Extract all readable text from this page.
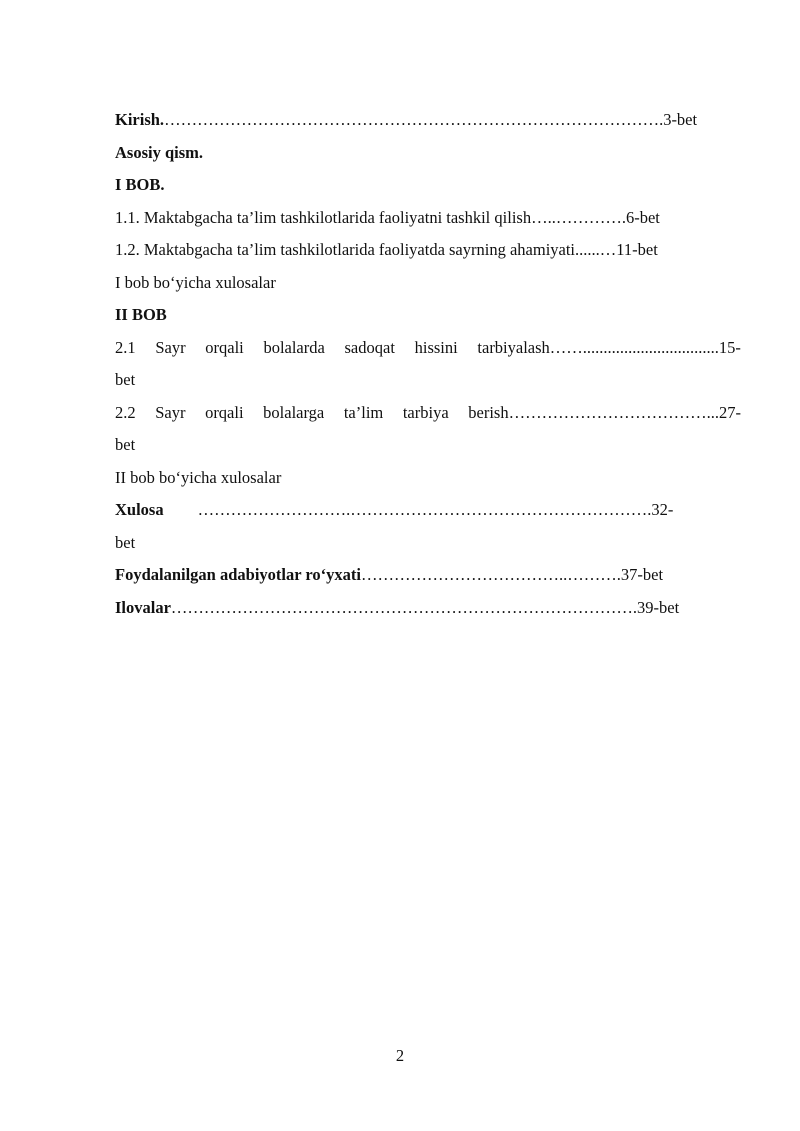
Kirish. ………………………………………………………………………………. 3-bet
Asosiy qism.
I BOB.
1.1. Maktabgacha ta’lim tashkilotlarida faoliyatni tashkil qilish…..………….6-bet
1.2. Maktabgacha ta’lim tashkilotlarida faoliyatda sayrning ahamiyati......…11-bet
I bob bo‘yicha xulosalar
II BOB
2.1 Sayr orqali bolalarda sadoqat hissini tarbiyalash…….................................15-
bet
2.2 Sayr orqali bolalarga ta’lim tarbiya berish………………………………...27-
bet
II bob bo‘yicha xulosalar
Xulosa ……………………….……………………………………………….32-
bet
Foydalanilgan adabiyotlar ro‘yxati ………………………………..……….37-bet
Ilovalar ………………………………………………………………………….39-bet
2
